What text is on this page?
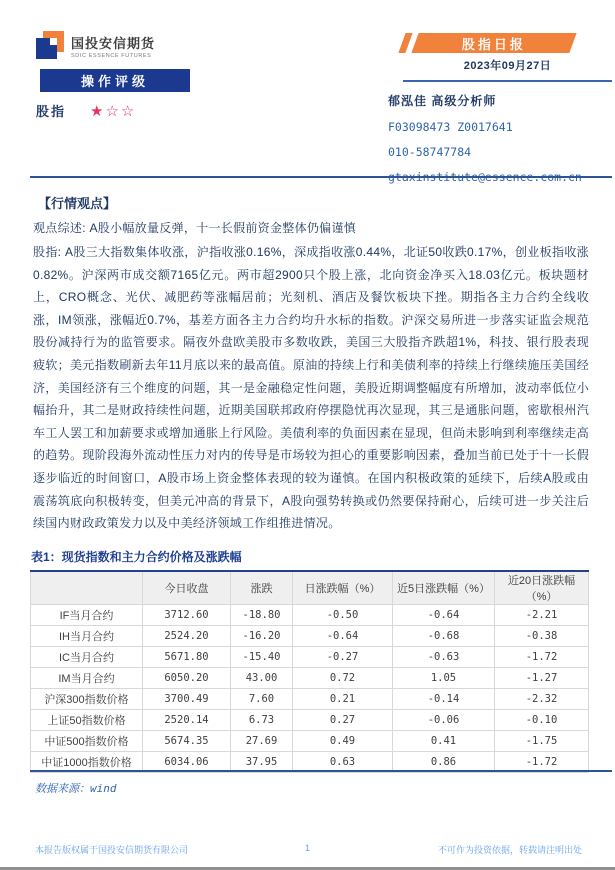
国投安信期货
SDIC ESSENCE FUTURES
股指日报
2023年09月27日
操作评级
股指 ★☆☆
郁泓佳 高级分析师
F03098473 Z0017641
010-58747784
【行情观点】
观点综述: A股小幅放量反弹，十一长假前资金整体仍偏谨慎
股指: A股三大指数集体收涨，沪指收涨0.16%，深成指收涨0.44%，北证50收跌0.17%，创业板指收涨0.82%。沪深两市成交额7165亿元。两市超2900只个股上涨，北向资金净买入18.03亿元。板块题材上，CRO概念、光伏、减肥药等涨幅居前；光刻机、酒店及餐饮板块下挫。期指各主力合约全线收涨，IM领涨，涨幅近0.7%，基差方面各主力合约均升水标的指数。沪深交易所进一步落实证监会规范股份减持行为的监管要求。隔夜外盘欧美股市多数收跌，美国三大股指齐跌超1%，科技、银行股表现疲软；美元指数刷新去年11月底以来的最高值。原油的持续上行和美债利率的持续上行继续施压美国经济，美国经济有三个维度的问题，其一是金融稳定性问题，美股近期调整幅度有所增加，波动率低位小幅抬升，其二是财政持续性问题，近期美国联邦政府停摆隐忧再次显现，其三是通胀问题，密歇根州汽车工人罢工和加薪要求或增加通胀上行风险。美债利率的负面因素在显现，但尚未影响到利率继续走高的趋势。现阶段海外流动性压力对内的传导是市场较为担心的重要影响因素，叠加当前已处于十一长假逐步临近的时间窗口，A股市场上资金整体表现的较为谨慎。在国内积极政策的延续下，后续A股或由震荡筑底向积极转变，但美元冲高的背景下，A股向强势转换或仍然要保持耐心，后续可进一步关注后续国内财政政策发力以及中美经济领域工作组推进情况。
表1：现货指数和主力合约价格及涨跌幅
	今日收盘	涨跌	日涨跌幅（%）	近5日涨跌幅（%）	近20日涨跌幅（%）
IF当月合约	3712.60	-18.80	-0.50	-0.64	-2.21
IH当月合约	2524.20	-16.20	-0.64	-0.68	-0.38
IC当月合约	5671.80	-15.40	-0.27	-0.63	-1.72
IM当月合约	6050.20	43.00	0.72	1.05	-1.27
沪深300指数价格	3700.49	7.60	0.21	-0.14	-2.32
上证50指数价格	2520.14	6.73	0.27	-0.06	-0.10
中证500指数价格	5674.35	27.69	0.49	0.41	-1.75
中证1000指数价格	6034.06	37.95	0.63	0.86	-1.72
数据来源：wind
本报告版权属于国投安信期货有限公司	1	不可作为投资依据，转载请注明出处
